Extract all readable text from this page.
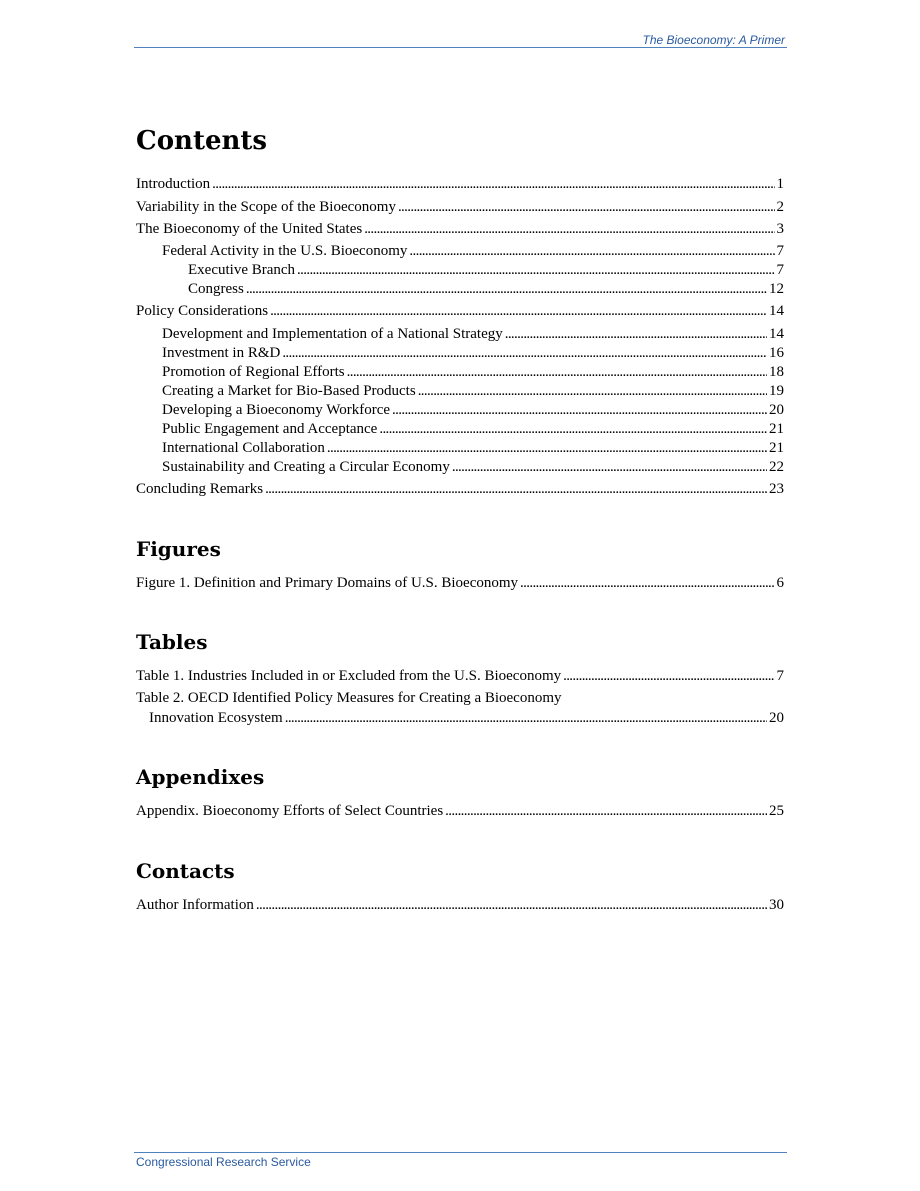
The Bioeconomy: A Primer
Contents
Introduction . . .	1
Variability in the Scope of the Bioeconomy . . .	2
The Bioeconomy of the United States . . .	3
Federal Activity in the U.S. Bioeconomy . . .	7
Executive Branch . . .	7
Congress . . .	12
Policy Considerations . . .	14
Development and Implementation of a National Strategy . . .	14
Investment in R&D . . .	16
Promotion of Regional Efforts . . .	18
Creating a Market for Bio-Based Products . . .	19
Developing a Bioeconomy Workforce . . .	20
Public Engagement and Acceptance . . .	21
International Collaboration . . .	21
Sustainability and Creating a Circular Economy . . .	22
Concluding Remarks . . .	23
Figures
Figure 1. Definition and Primary Domains of U.S. Bioeconomy . . .	6
Tables
Table 1. Industries Included in or Excluded from the U.S. Bioeconomy . . .	7
Table 2. OECD Identified Policy Measures for Creating a Bioeconomy
Innovation Ecosystem . . .	20
Appendixes
Appendix. Bioeconomy Efforts of Select Countries . . .	25
Contacts
Author Information . . .	30
Congressional Research Service
